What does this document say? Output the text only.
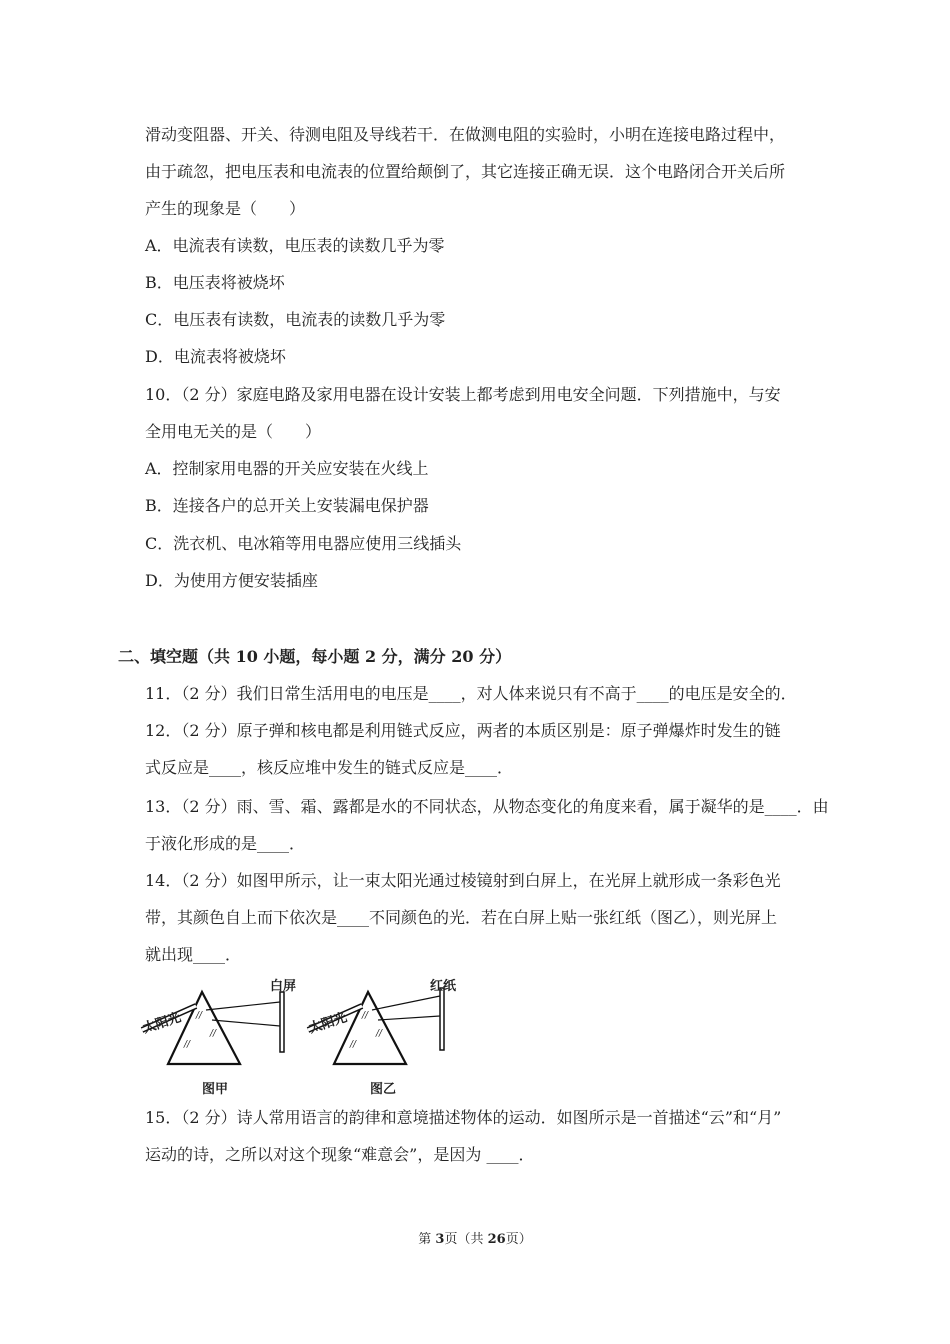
滑动变阻器、开关、待测电阻及导线若干．在做测电阻的实验时，小明在连接电路过程中，
由于疏忽，把电压表和电流表的位置给颠倒了，其它连接正确无误．这个电路闭合开关后所
产生的现象是（　　）
A．电流表有读数，电压表的读数几乎为零
B．电压表将被烧坏
C．电压表有读数，电流表的读数几乎为零
D．电流表将被烧坏
10．（2 分）家庭电路及家用电器在设计安装上都考虑到用电安全问题．下列措施中，与安
全用电无关的是（　　）
A．控制家用电器的开关应安装在火线上
B．连接各户的总开关上安装漏电保护器
C．洗衣机、电冰箱等用电器应使用三线插头
D．为使用方便安装插座
二、填空题（共 10 小题，每小题 2 分，满分 20 分）
11．（2 分）我们日常生活用电的电压是____，对人体来说只有不高于____的电压是安全的．
12．（2 分）原子弹和核电都是利用链式反应，两者的本质区别是：原子弹爆炸时发生的链
式反应是____，核反应堆中发生的链式反应是____．
13．（2 分）雨、雪、霜、露都是水的不同状态，从物态变化的角度来看，属于凝华的是____．由
于液化形成的是____．
14．（2 分）如图甲所示，让一束太阳光通过棱镜射到白屏上，在光屏上就形成一条彩色光
带，其颜色自上而下依次是____不同颜色的光．若在白屏上贴一张红纸（图乙），则光屏上
就出现____．
//
//
//
//
//
//
太阳光
白屏
图甲
太阳光
红纸
图乙
15．（2 分）诗人常用语言的韵律和意境描述物体的运动．如图所示是一首描述“云”和“月”
运动的诗，之所以对这个现象“难意会”，是因为 ____．
第 3页（共 26页）
